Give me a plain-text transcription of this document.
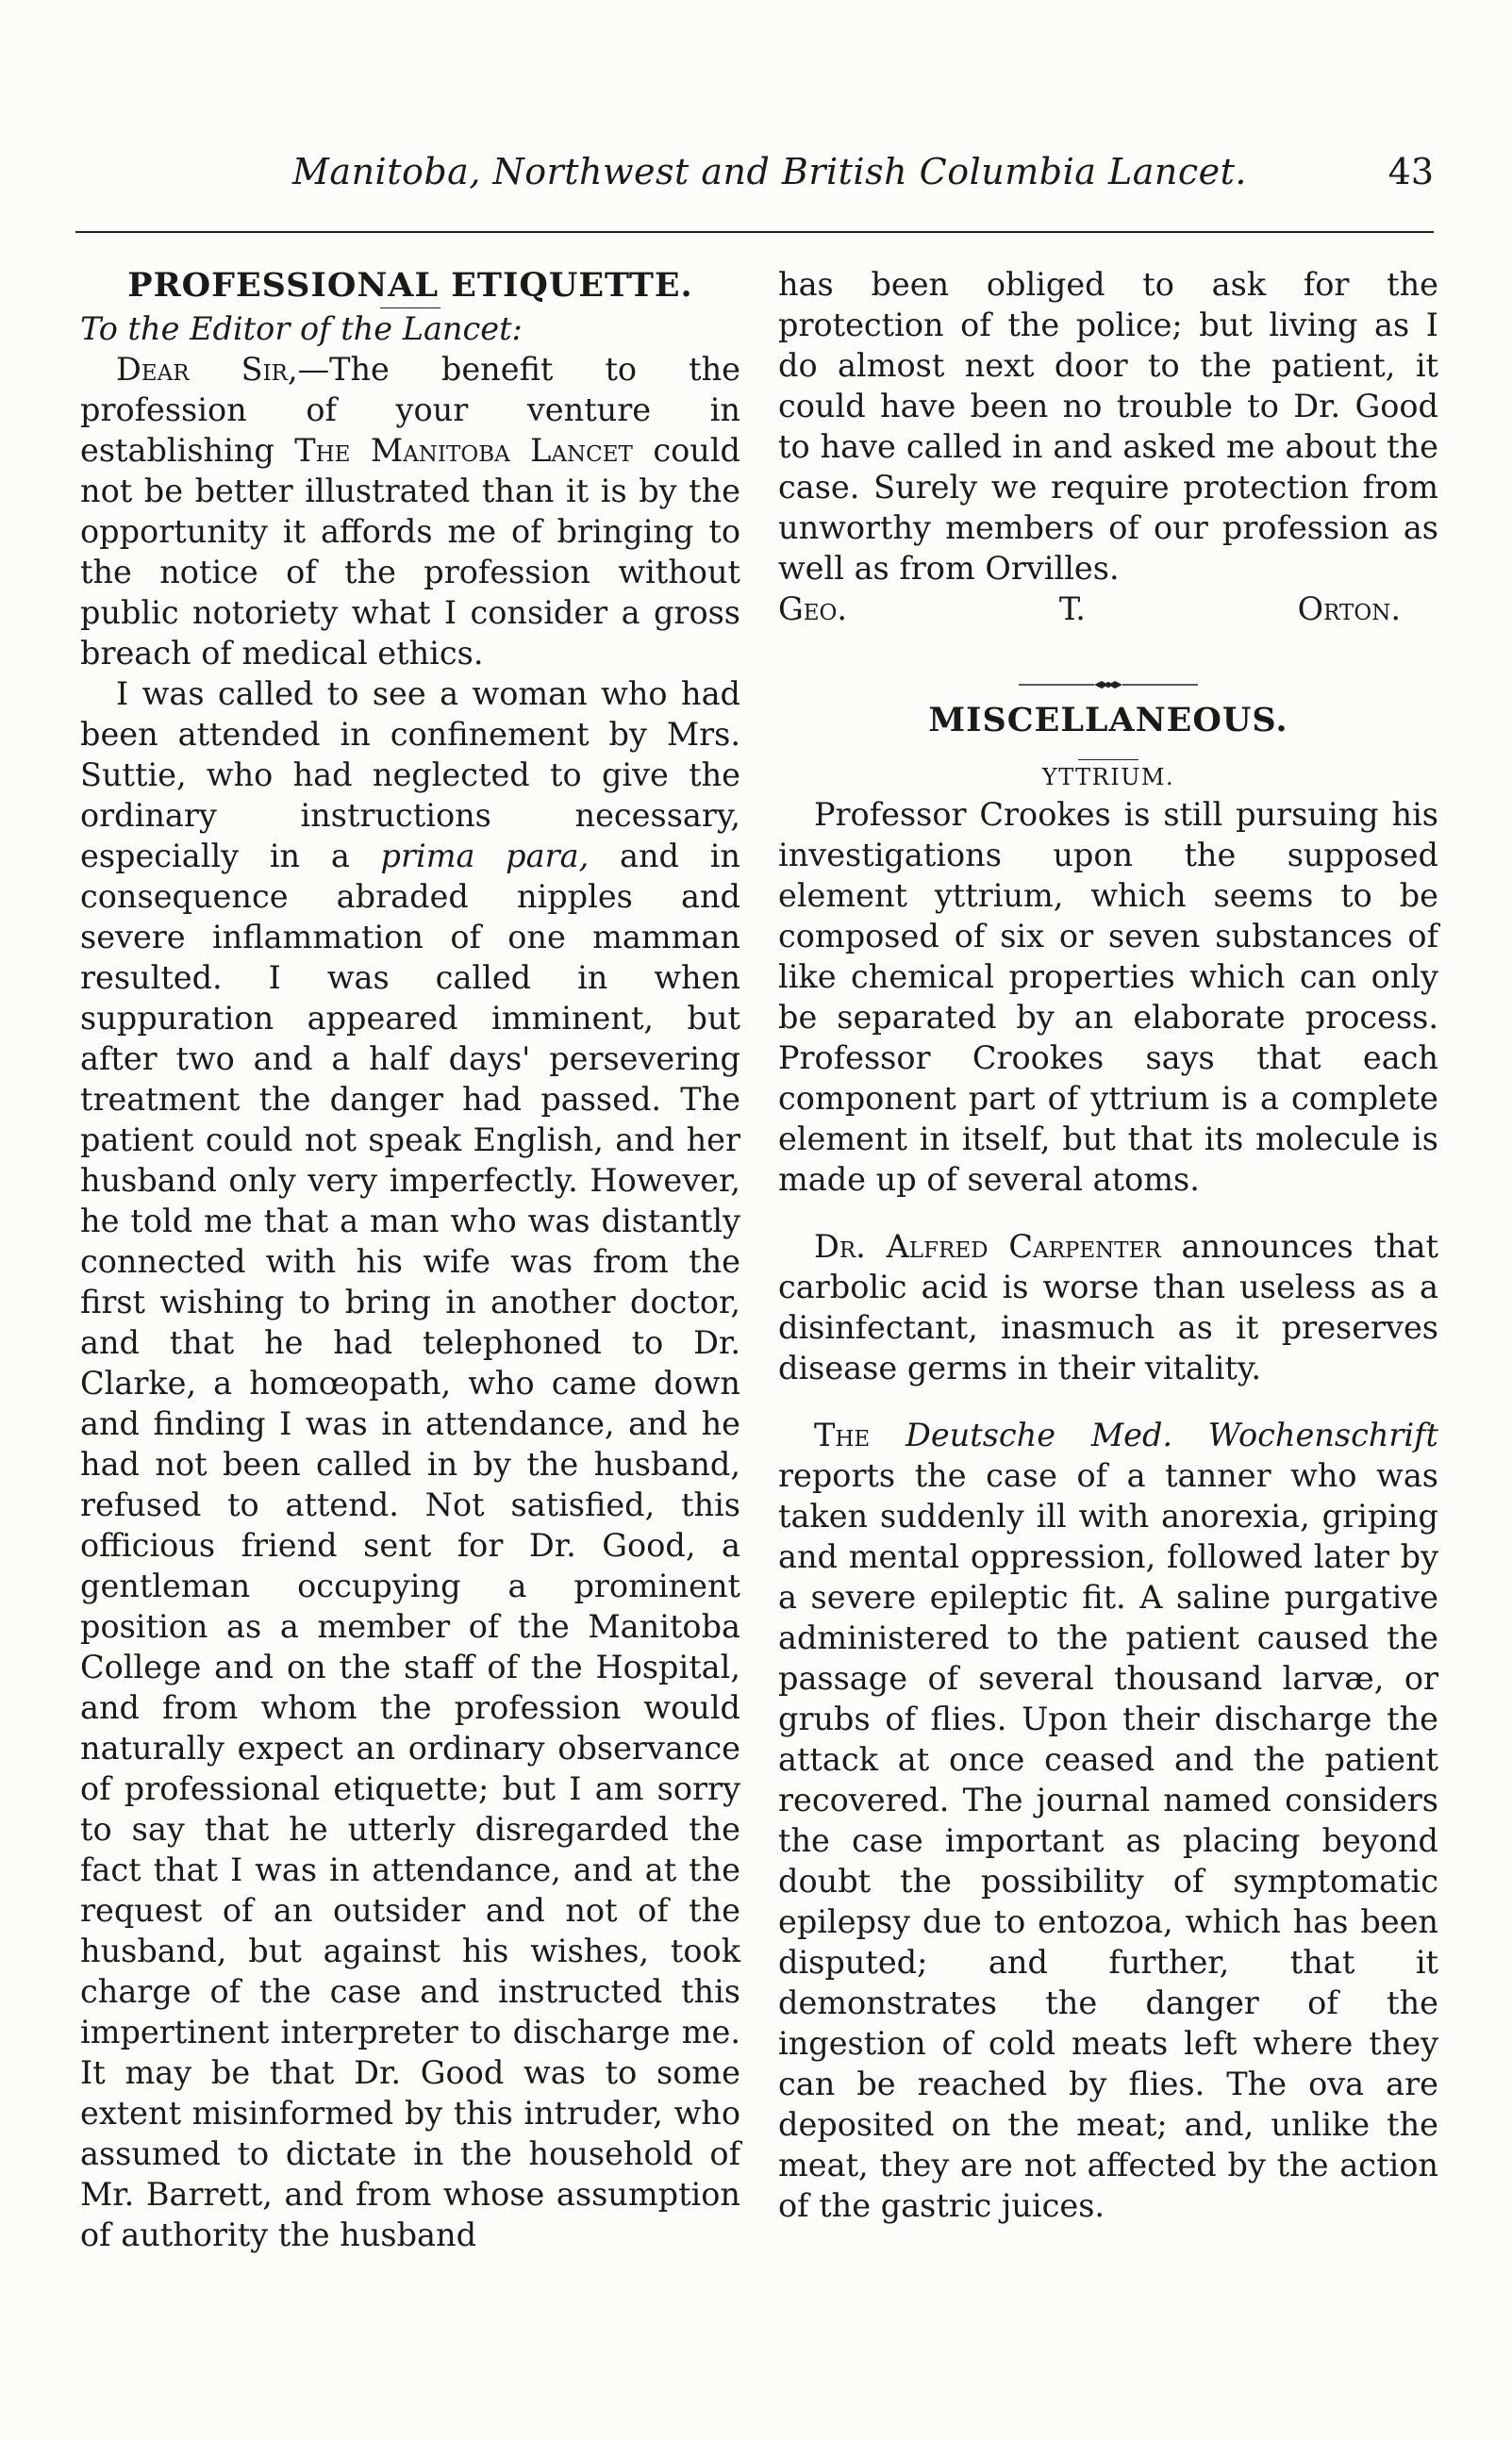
Manitoba, Northwest and British Columbia Lancet.	43
PROFESSIONAL ETIQUETTE.

To the Editor of the Lancet:

Dear Sir,—The benefit to the profession of your venture in establishing The Manitoba Lancet could not be better illustrated than it is by the opportunity it affords me of bringing to the notice of the profession without public notoriety what I consider a gross breach of medical ethics.

I was called to see a woman who had been attended in confinement by Mrs. Suttie, who had neglected to give the ordinary instructions necessary, especially in a prima para, and in consequence abraded nipples and severe inflammation of one mamman resulted. I was called in when suppuration appeared imminent, but after two and a half days' persevering treatment the danger had passed. The patient could not speak English, and her husband only very imperfectly. However, he told me that a man who was distantly connected with his wife was from the first wishing to bring in another doctor, and that he had telephoned to Dr. Clarke, a homœopath, who came down and finding I was in attendance, and he had not been called in by the husband, refused to attend. Not satisfied, this officious friend sent for Dr. Good, a gentleman occupying a prominent position as a member of the Manitoba College and on the staff of the Hospital, and from whom the profession would naturally expect an ordinary observance of professional etiquette; but I am sorry to say that he utterly disregarded the fact that I was in attendance, and at the request of an outsider and not of the husband, but against his wishes, took charge of the case and instructed this impertinent interpreter to discharge me. It may be that Dr. Good was to some extent misinformed by this intruder, who assumed to dictate in the household of Mr. Barrett, and from whose assumption of authority the husband

has been obliged to ask for the protection of the police; but living as I do almost next door to the patient, it could have been no trouble to Dr. Good to have called in and asked me about the case. Surely we require protection from unworthy members of our profession as well as from Orvilles.

Geo. T. Orton.

MISCELLANEOUS.

YTTRIUM.

Professor Crookes is still pursuing his investigations upon the supposed element yttrium, which seems to be composed of six or seven substances of like chemical properties which can only be separated by an elaborate process. Professor Crookes says that each component part of yttrium is a complete element in itself, but that its molecule is made up of several atoms.

Dr. Alfred Carpenter announces that carbolic acid is worse than useless as a disinfectant, inasmuch as it preserves disease germs in their vitality.

The Deutsche Med. Wochenschrift reports the case of a tanner who was taken suddenly ill with anorexia, griping and mental oppression, followed later by a severe epileptic fit. A saline purgative administered to the patient caused the passage of several thousand larvæ, or grubs of flies. Upon their discharge the attack at once ceased and the patient recovered. The journal named considers the case important as placing beyond doubt the possibility of symptomatic epilepsy due to entozoa, which has been disputed; and further, that it demonstrates the danger of the ingestion of cold meats left where they can be reached by flies. The ova are deposited on the meat; and, unlike the meat, they are not affected by the action of the gastric juices.
